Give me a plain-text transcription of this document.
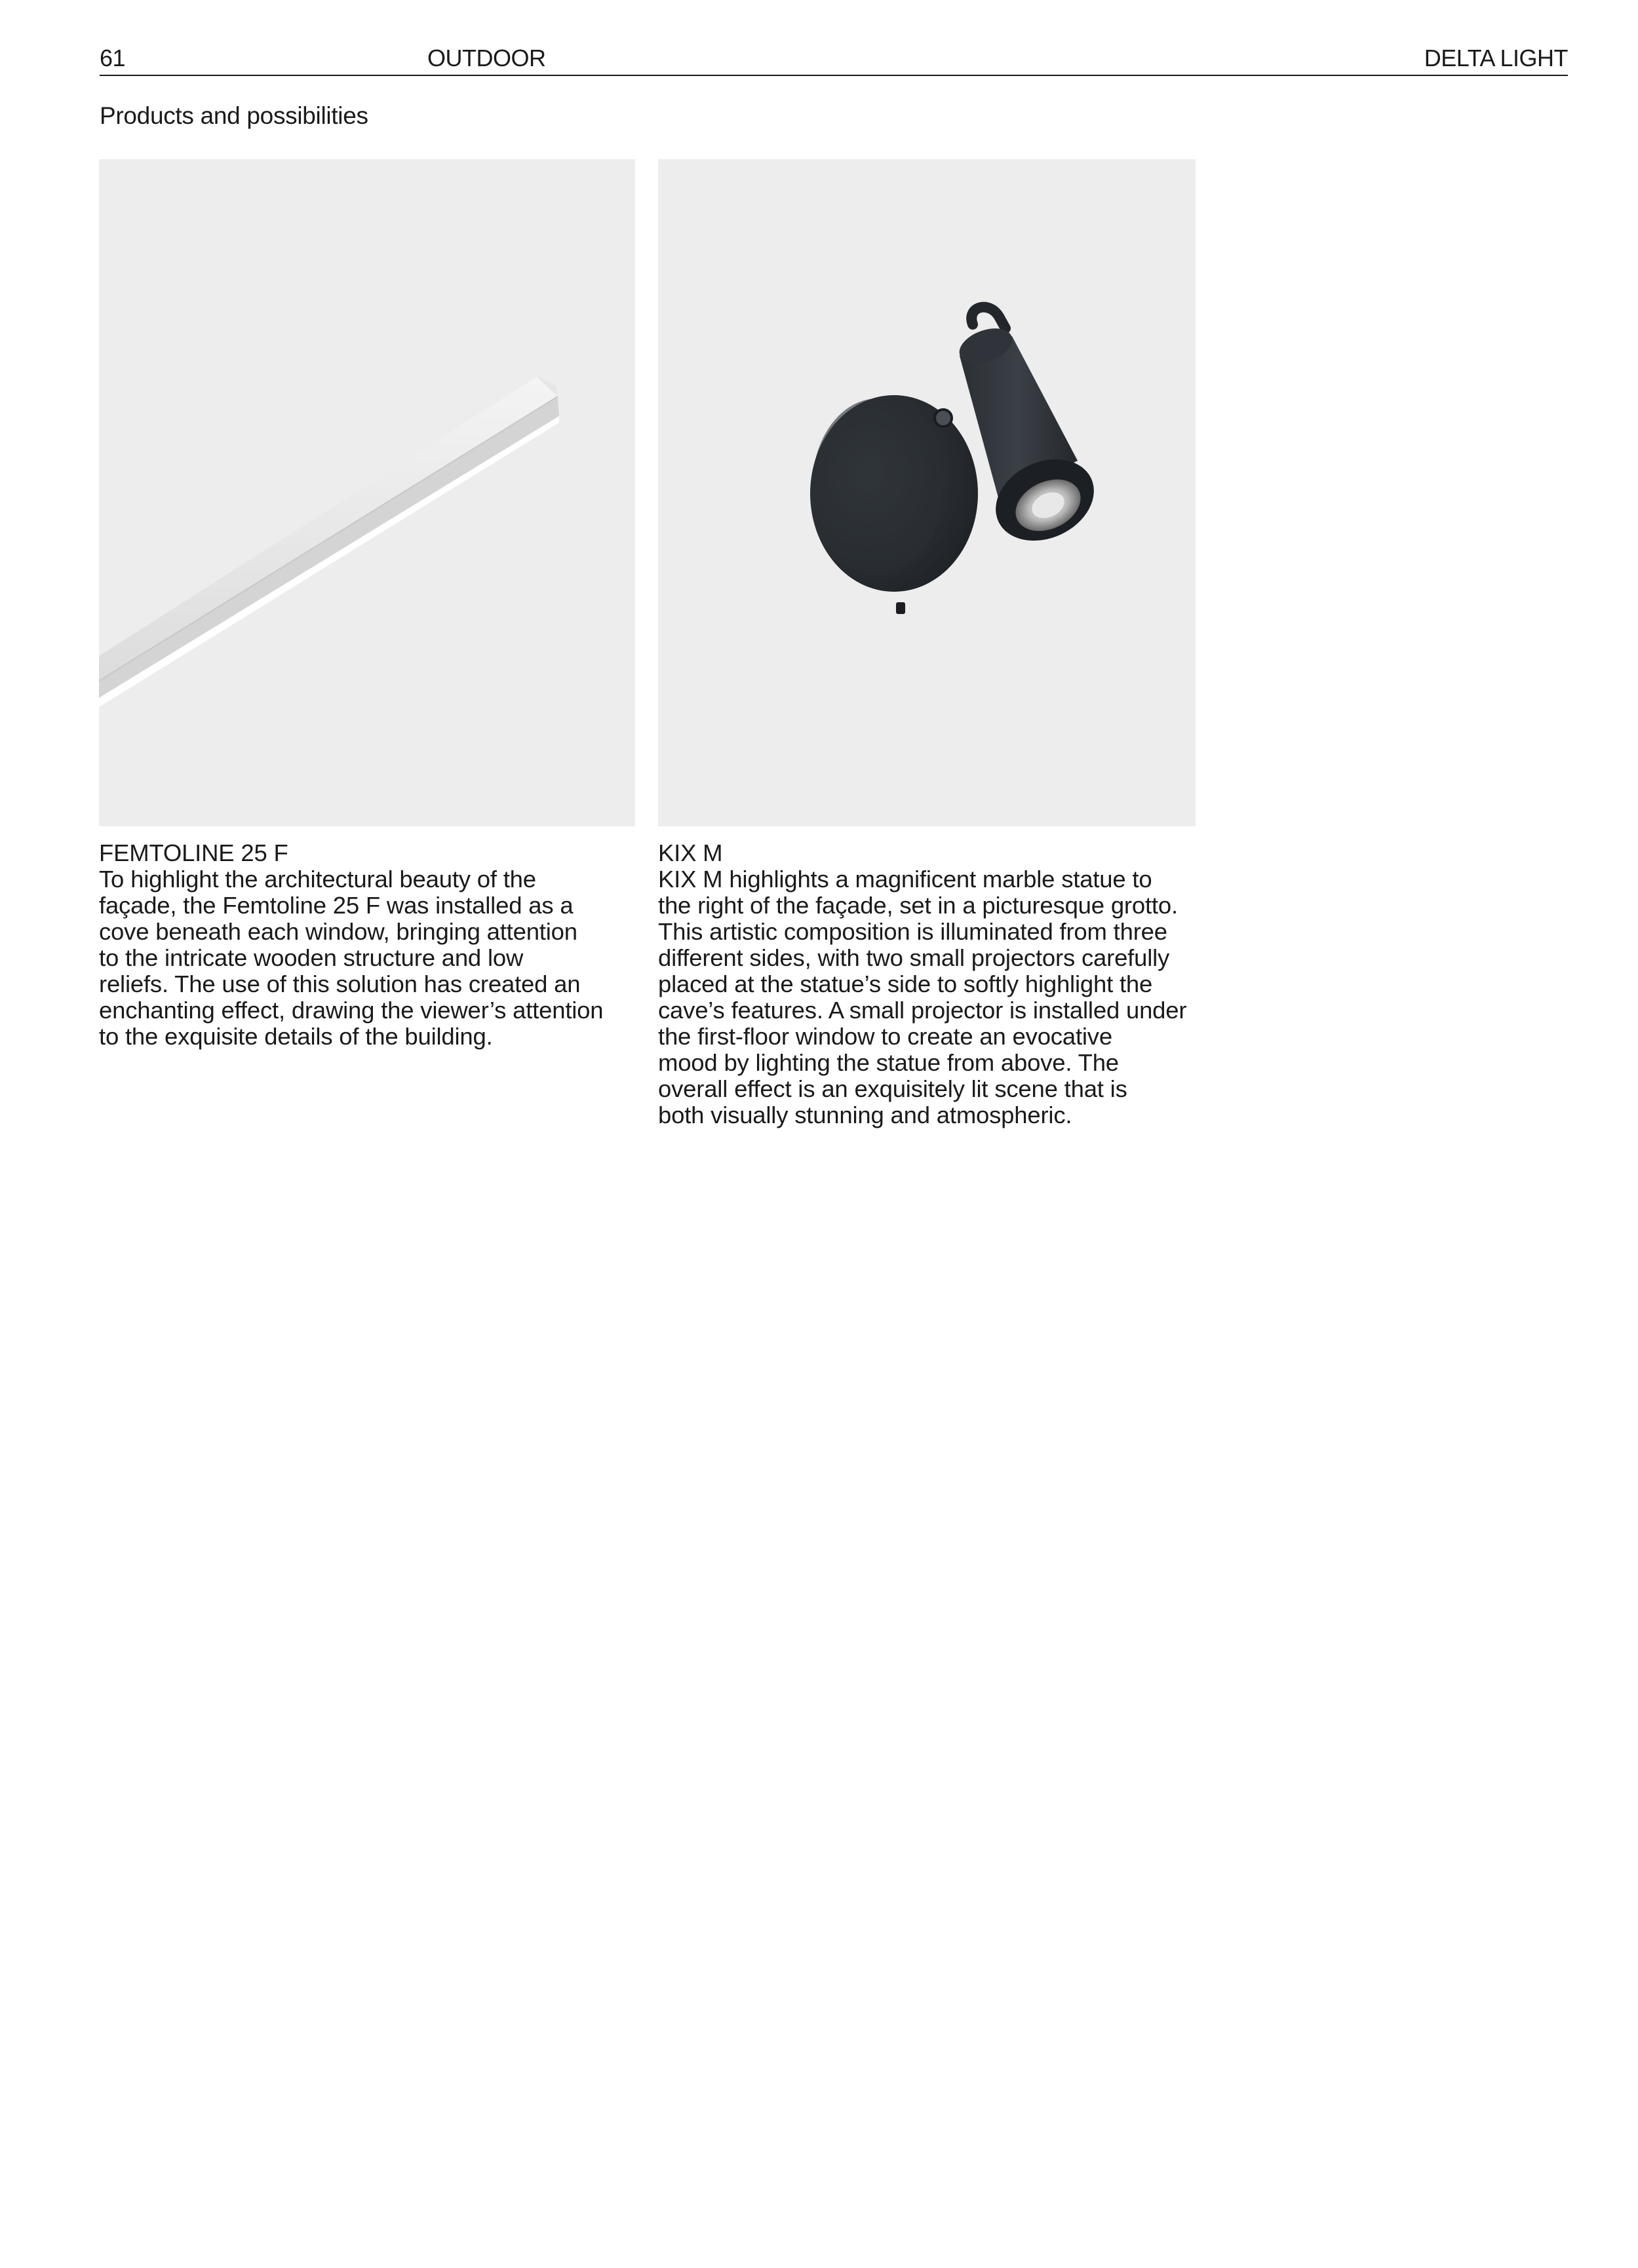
61	OUTDOOR	DELTA LIGHT
Products and possibilities
FEMTOLINE 25 F
To highlight the architectural beauty of the
façade, the Femtoline 25 F was installed as a
cove beneath each window, bringing attention
to the intricate wooden structure and low
reliefs. The use of this solution has created an
enchanting effect, drawing the viewer’s attention
to the exquisite details of the building.
KIX M
KIX M highlights a magnificent marble statue to
the right of the façade, set in a picturesque grotto.
This artistic composition is illuminated from three
different sides, with two small projectors carefully
placed at the statue’s side to softly highlight the
cave’s features. A small projector is installed under
the first-floor window to create an evocative
mood by lighting the statue from above. The
overall effect is an exquisitely lit scene that is
both visually stunning and atmospheric.
